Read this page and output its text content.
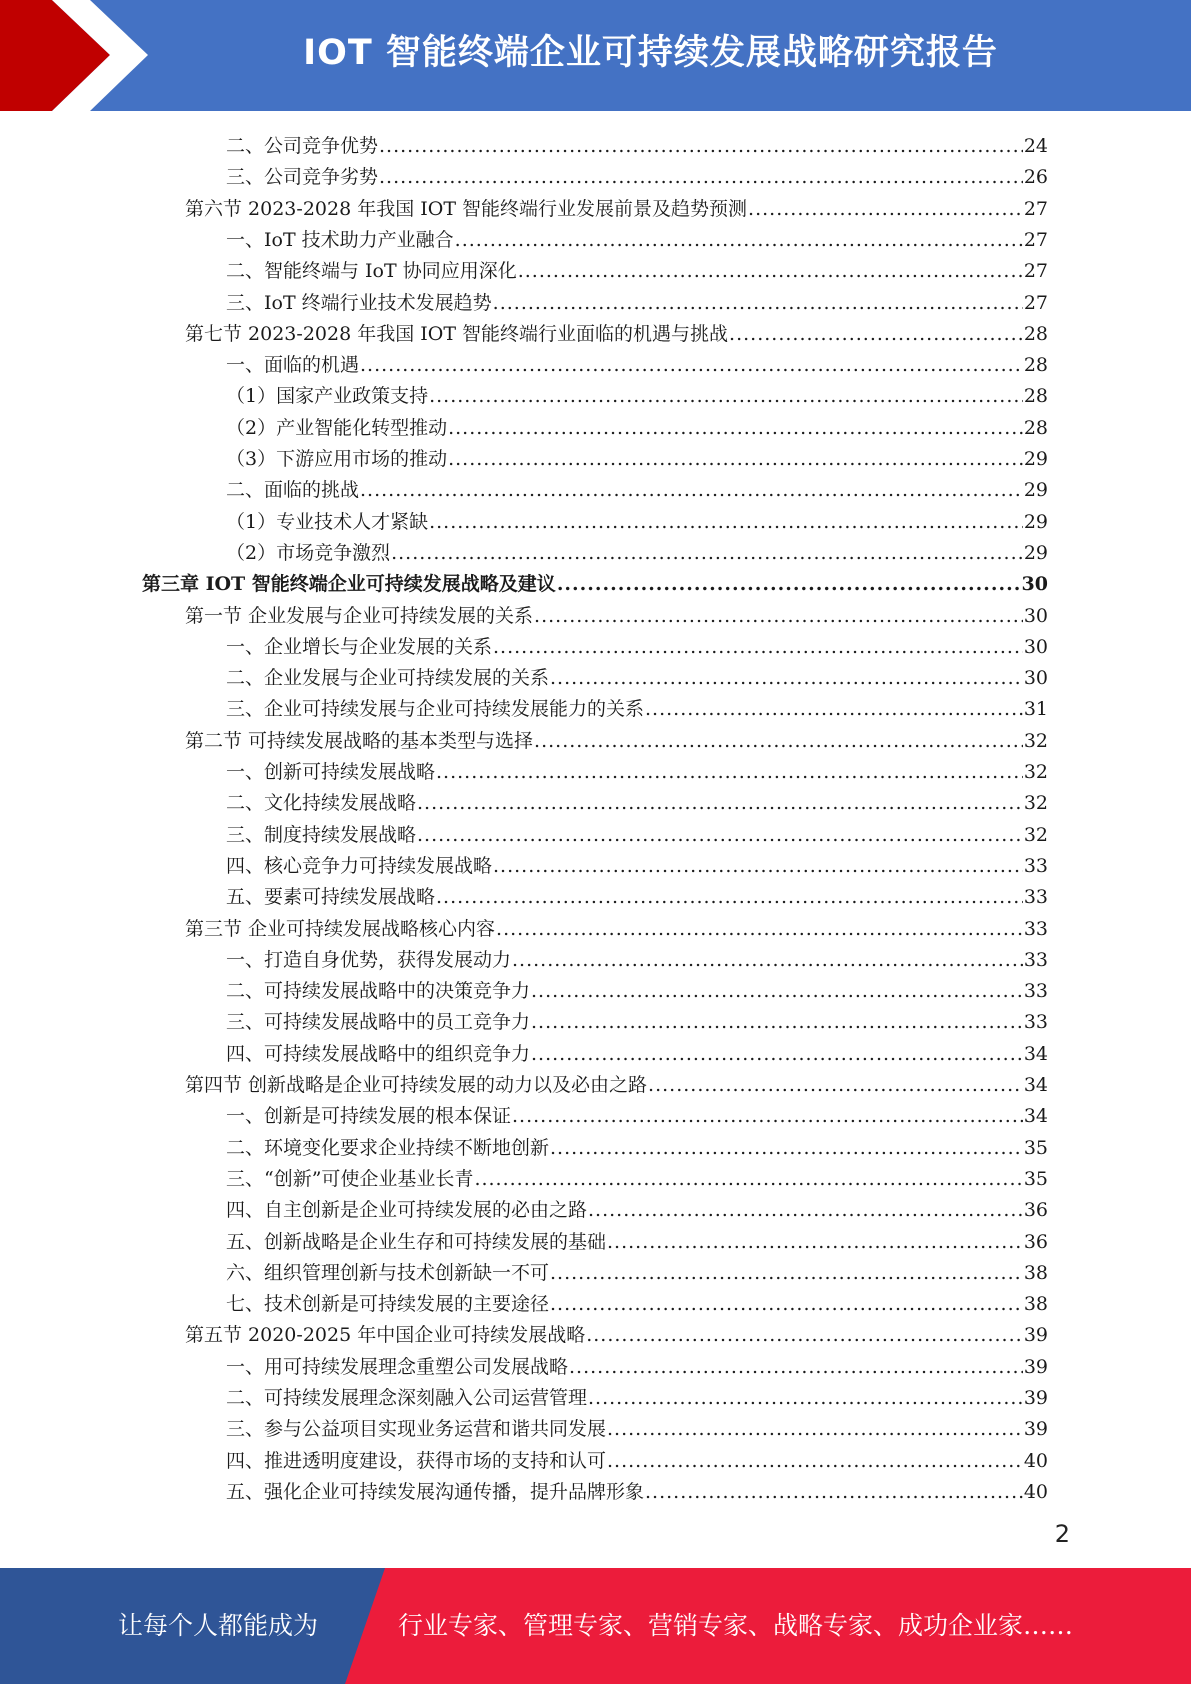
IOT 智能终端企业可持续发展战略研究报告
二、公司竞争优势 .....	24
三、公司竞争劣势 .....	26
第六节 2023-2028 年我国 IOT 智能终端行业发展前景及趋势预测 .....	27
一、IoT 技术助力产业融合 .....	27
二、智能终端与 IoT 协同应用深化 .....	27
三、IoT 终端行业技术发展趋势 .....	27
第七节 2023-2028 年我国 IOT 智能终端行业面临的机遇与挑战 .....	28
一、面临的机遇 .....	28
（1）国家产业政策支持 .....	28
（2）产业智能化转型推动 .....	28
（3）下游应用市场的推动 .....	29
二、面临的挑战 .....	29
（1）专业技术人才紧缺 .....	29
（2）市场竞争激烈 .....	29
第三章 IOT 智能终端企业可持续发展战略及建议 .....	30
第一节 企业发展与企业可持续发展的关系 .....	30
一、企业增长与企业发展的关系 .....	30
二、企业发展与企业可持续发展的关系 .....	30
三、企业可持续发展与企业可持续发展能力的关系 .....	31
第二节 可持续发展战略的基本类型与选择 .....	32
一、创新可持续发展战略 .....	32
二、文化持续发展战略 .....	32
三、制度持续发展战略 .....	32
四、核心竞争力可持续发展战略 .....	33
五、要素可持续发展战略 .....	33
第三节 企业可持续发展战略核心内容 .....	33
一、打造自身优势，获得发展动力 .....	33
二、可持续发展战略中的决策竞争力 .....	33
三、可持续发展战略中的员工竞争力 .....	33
四、可持续发展战略中的组织竞争力 .....	34
第四节 创新战略是企业可持续发展的动力以及必由之路 .....	34
一、创新是可持续发展的根本保证 .....	34
二、环境变化要求企业持续不断地创新 .....	35
三、“创新”可使企业基业长青 .....	35
四、自主创新是企业可持续发展的必由之路 .....	36
五、创新战略是企业生存和可持续发展的基础 .....	36
六、组织管理创新与技术创新缺一不可 .....	38
七、技术创新是可持续发展的主要途径 .....	38
第五节 2020-2025 年中国企业可持续发展战略 .....	39
一、用可持续发展理念重塑公司发展战略 .....	39
二、可持续发展理念深刻融入公司运营管理 .....	39
三、参与公益项目实现业务运营和谐共同发展 .....	39
四、推进透明度建设，获得市场的支持和认可 .....	40
五、强化企业可持续发展沟通传播，提升品牌形象 .....	40
2
让每个人都能成为	行业专家、管理专家、营销专家、战略专家、成功企业家……
